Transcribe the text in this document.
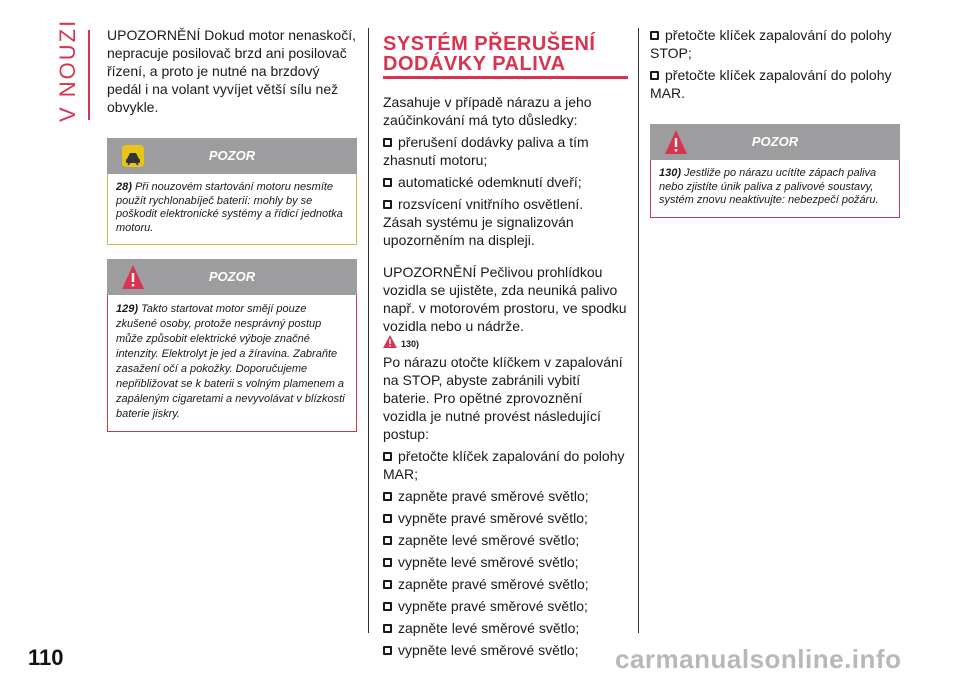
V NOUZI UPOZORNĚNÍ Dokud motor nenaskočí, nepracuje posilovač brzd ani posilovač řízení, a proto je nutné na brzdový pedál i na volant vyvíjet větší sílu než obvykle.

POZOR
28) Při nouzovém startování motoru nesmíte použít rychlonabíječ baterií: mohly by se poškodit elektronické systémy a řídicí jednotka motoru.
POZOR
129) Takto startovat motor smějí pouze zkušené osoby, protože nesprávný postup může způsobit elektrické výboje značné intenzity. Elektrolyt je jed a žíravina. Zabraňte zasažení očí a pokožky. Doporučujeme nepřibližovat se k baterii s volným plamenem a zapáleným cigaretami a nevyvolávat v blízkosti baterie jiskry.
SYSTÉM PŘERUŠENÍ
DODÁVKY PALIVA

Zasahuje v případě nárazu a jeho zaúčinkování má tyto důsledky:

přerušení dodávky paliva a tím zhasnutí motoru;
automatické odemknutí dveří;
rozsvícení vnitřního osvětlení.

Zásah systému je signalizován upozorněním na displeji.

UPOZORNĚNÍ Pečlivou prohlídkou vozidla se ujistěte, zda neuniká palivo např. v motorovém prostoru, ve spodku vozidla nebo u nádrže.

130)

Po nárazu otočte klíčkem v zapalování na STOP, abyste zabránili vybití baterie. Pro opětné zprovoznění vozidla je nutné provést následující postup:

přetočte klíček zapalování do polohy MAR;
zapněte pravé směrové světlo;
vypněte pravé směrové světlo;
zapněte levé směrové světlo;
vypněte levé směrové světlo;
zapněte pravé směrové světlo;
vypněte pravé směrové světlo;
zapněte levé směrové světlo;
vypněte levé směrové světlo;
přetočte klíček zapalování do polohy STOP;
přetočte klíček zapalování do polohy MAR.
POZOR
130) Jestliže po nárazu ucítíte zápach paliva nebo zjistíte únik paliva z palivové soustavy, systém znovu neaktivujte: nebezpečí požáru.
110	carmanualsonline.info
